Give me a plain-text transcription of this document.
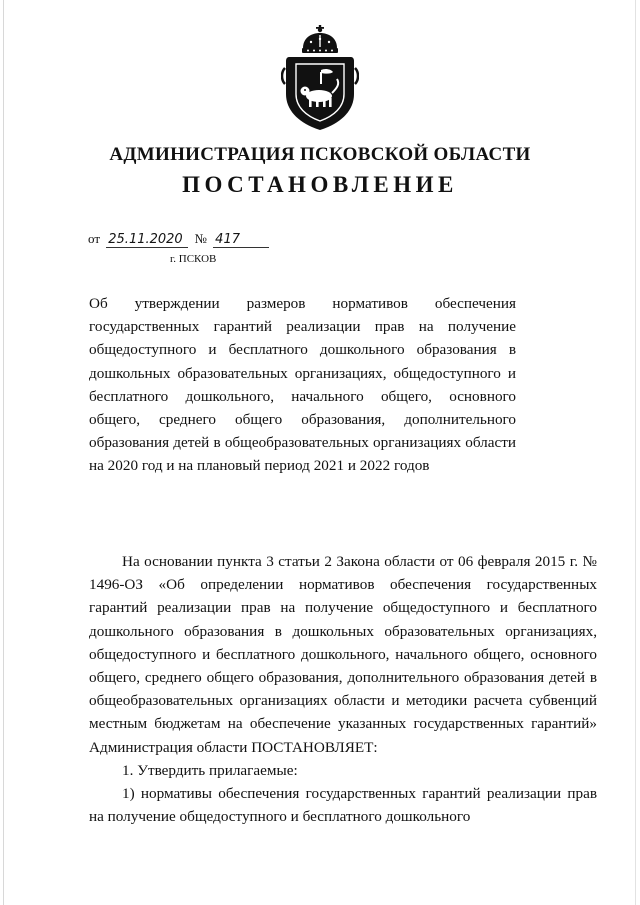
АДМИНИСТРАЦИЯ ПСКОВСКОЙ ОБЛАСТИ
ПОСТАНОВЛЕНИЕ
от 25.11.2020 № 417
г. ПСКОВ
Об утверждении размеров нормативов обеспечения государственных гарантий реализации прав на получение общедоступного и бесплатного дошкольного образования в дошкольных образовательных организациях, общедоступного и бесплатного дошкольного, начального общего, основного общего, среднего общего образования, дополнительного образования детей в общеобразовательных организациях области на 2020 год и на плановый период 2021 и 2022 годов

На основании пункта 3 статьи 2 Закона области от 06 февраля 2015 г. № 1496-ОЗ «Об определении нормативов обеспечения государственных гарантий реализации прав на получение общедоступного и бесплатного дошкольного образования в дошкольных образовательных организациях, общедоступного и бесплатного дошкольного, начального общего, основного общего, среднего общего образования, дополнительного образования детей в общеобразовательных организациях области и методики расчета субвенций местным бюджетам на обеспечение указанных государственных гарантий» Администрация области ПОСТАНОВЛЯЕТ:

1. Утвердить прилагаемые:

1) нормативы обеспечения государственных гарантий реализации прав на получение общедоступного и бесплатного дошкольного
